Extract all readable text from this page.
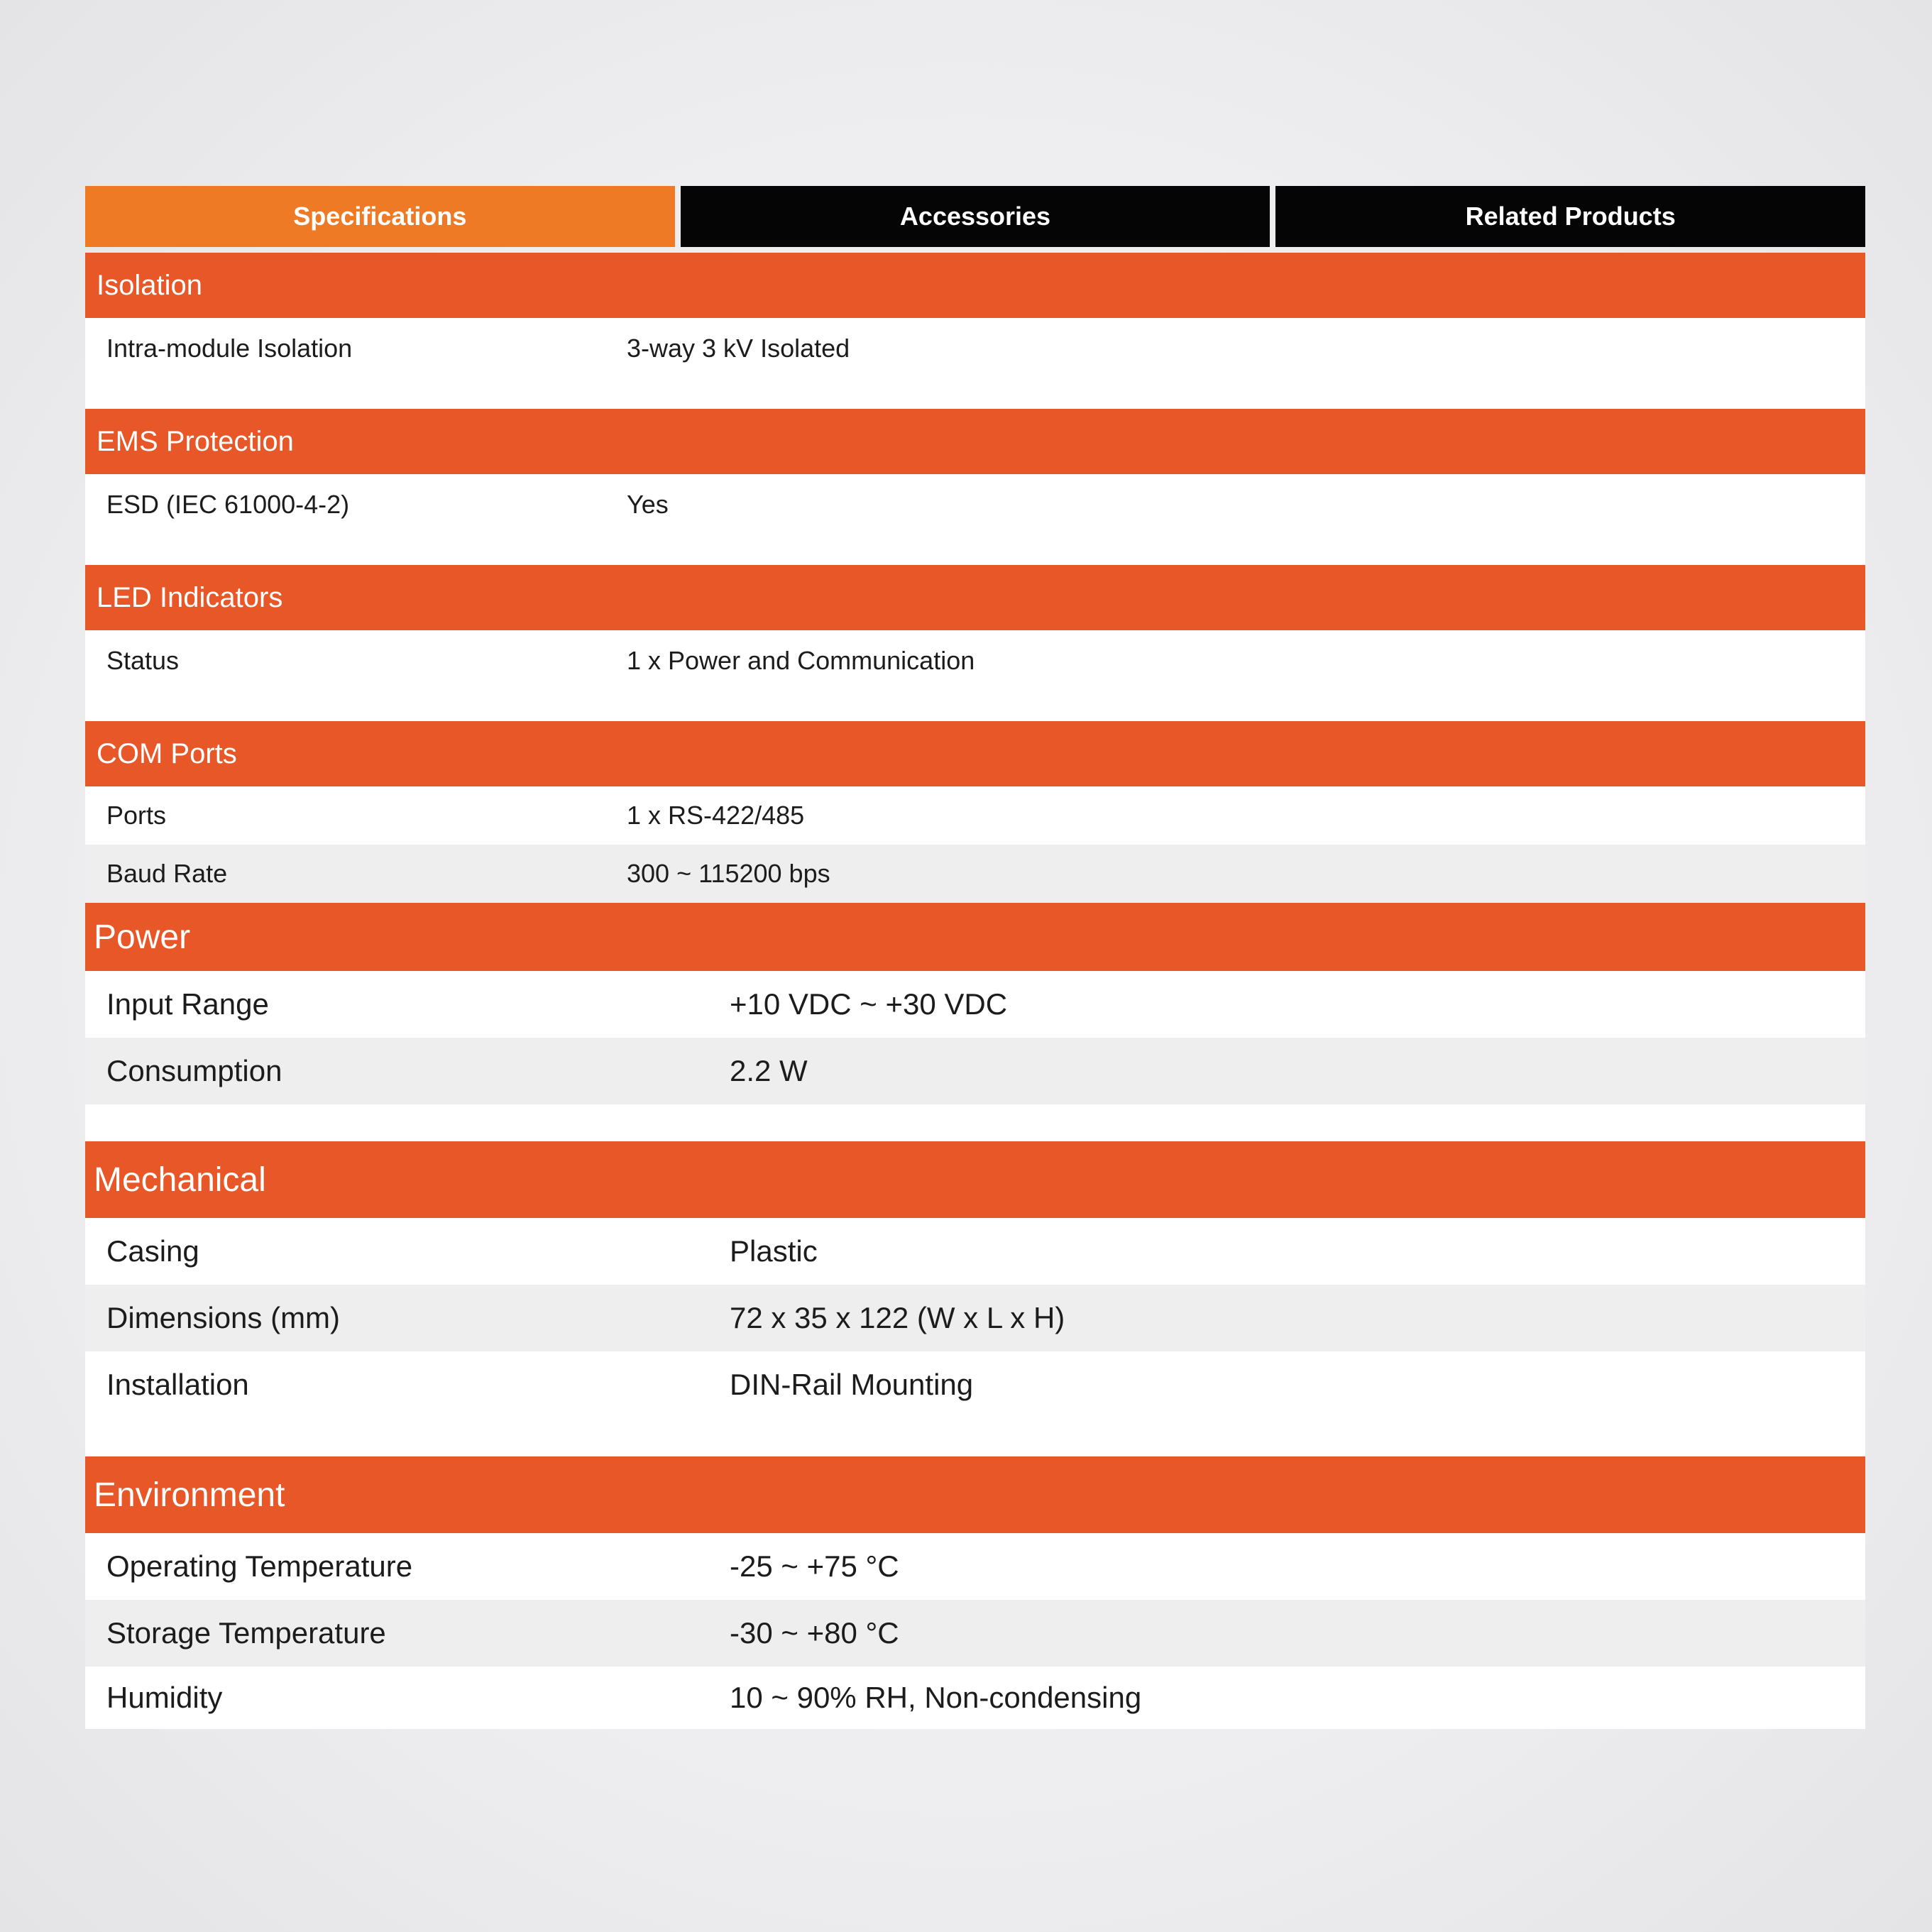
Specifications	Accessories	Related Products
Isolation
Intra-module Isolation	3-way 3 kV Isolated
EMS Protection
ESD (IEC 61000-4-2)	Yes
LED Indicators
Status	1 x Power and Communication
COM Ports
Ports	1 x RS-422/485
Baud Rate	300 ~ 115200 bps
Power
Input Range	+10 VDC ~ +30 VDC
Consumption	2.2 W
Mechanical
Casing	Plastic
Dimensions (mm)	72 x 35 x 122 (W x L x H)
Installation	DIN-Rail Mounting
Environment
Operating Temperature	-25 ~ +75 °C
Storage Temperature	-30 ~ +80 °C
Humidity	10 ~ 90% RH, Non-condensing
